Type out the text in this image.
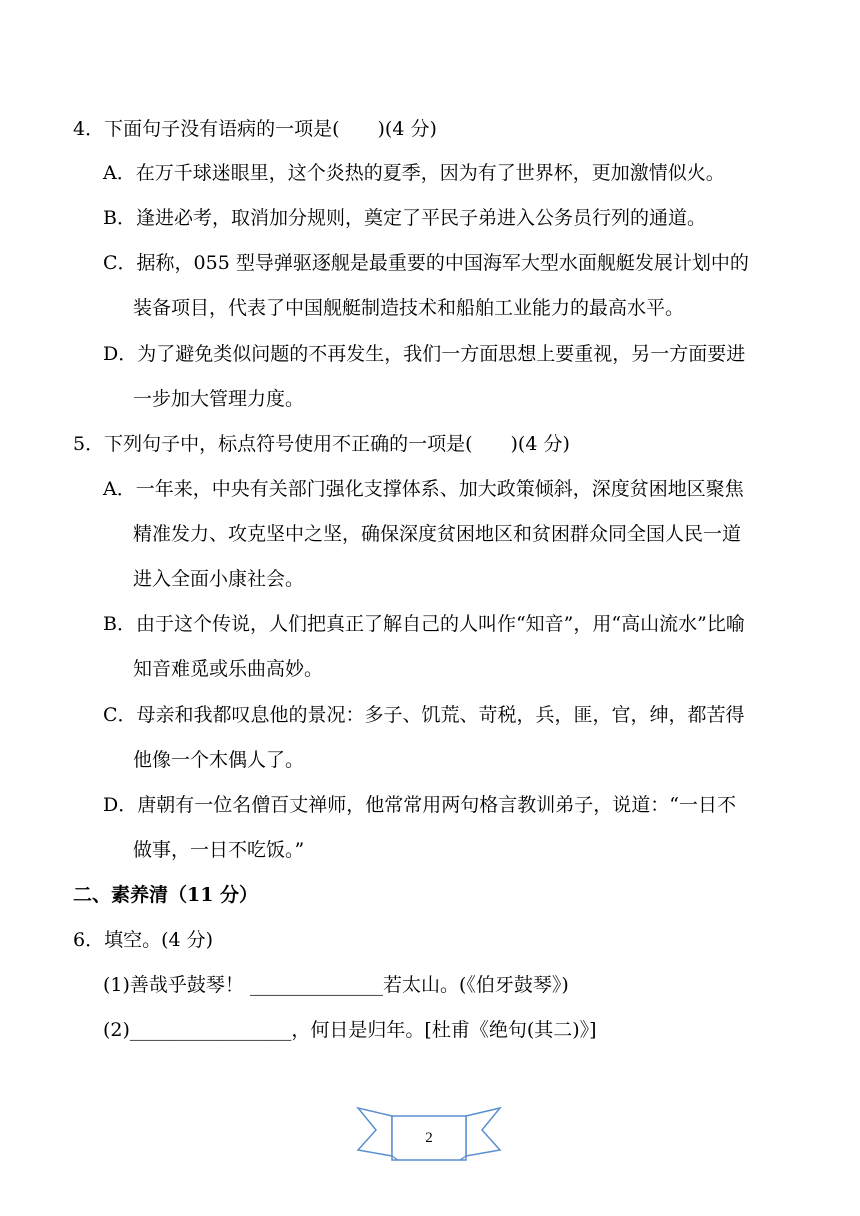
4．下面句子没有语病的一项是(　　)(4 分)
A．在万千球迷眼里，这个炎热的夏季，因为有了世界杯，更加激情似火。
B．逢进必考，取消加分规则，奠定了平民子弟进入公务员行列的通道。
C．据称，055 型导弹驱逐舰是最重要的中国海军大型水面舰艇发展计划中的
装备项目，代表了中国舰艇制造技术和船舶工业能力的最高水平。
D．为了避免类似问题的不再发生，我们一方面思想上要重视，另一方面要进
一步加大管理力度。
5．下列句子中，标点符号使用不正确的一项是(　　)(4 分)
A．一年来，中央有关部门强化支撑体系、加大政策倾斜，深度贫困地区聚焦
精准发力、攻克坚中之坚，确保深度贫困地区和贫困群众同全国人民一道
进入全面小康社会。
B．由于这个传说，人们把真正了解自己的人叫作“知音”，用“高山流水”比喻
知音难觅或乐曲高妙。
C．母亲和我都叹息他的景况：多子、饥荒、苛税，兵，匪，官，绅，都苦得
他像一个木偶人了。
D．唐朝有一位名僧百丈禅师，他常常用两句格言教训弟子，说道：“一日不
做事，一日不吃饭。”
二、素养清（11 分）
6．填空。(4 分)
(1)善哉乎鼓琴！ ______________若太山。(《伯牙鼓琴》)
(2)_________________，何日是归年。[杜甫《绝句(其二)》]
2
